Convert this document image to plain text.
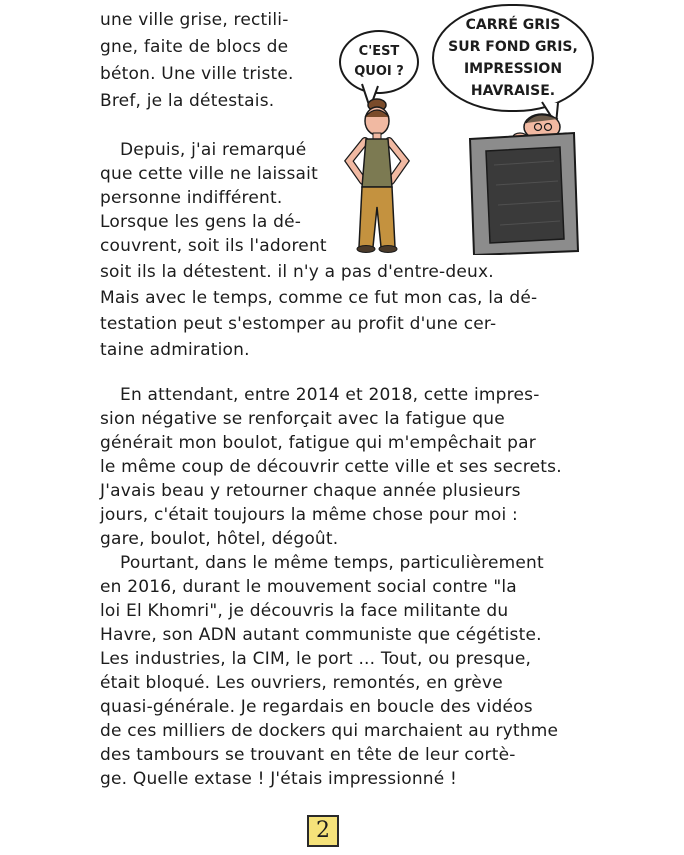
une ville grise, rectili-
gne, faite de blocs de
béton. Une ville triste.
Bref, je la détestais.
Depuis, j'ai remarqué
que cette ville ne laissait
personne indifférent.
Lorsque les gens la dé-
couvrent, soit ils l'adorent
soit ils la détestent. il n'y a pas d'entre-deux.
Mais avec le temps, comme ce fut mon cas, la dé-
testation peut s'estomper au profit d'une cer-
taine admiration.
En attendant, entre 2014 et 2018, cette impres-
sion négative se renforçait avec la fatigue que
générait mon boulot, fatigue qui m'empêchait par
le même coup de découvrir cette ville et ses secrets.
J'avais beau y retourner chaque année plusieurs
jours, c'était toujours la même chose pour moi :
gare, boulot, hôtel, dégoût.
Pourtant, dans le même temps, particulièrement
en 2016, durant le mouvement social contre "la
loi El Khomri", je découvris la face militante du
Havre, son ADN autant communiste que cégétiste.
Les industries, la CIM, le port ... Tout, ou presque,
était bloqué. Les ouvriers, remontés, en grève
quasi-générale. Je regardais en boucle des vidéos
de ces milliers de dockers qui marchaient au rythme
des tambours se trouvant en tête de leur cortè-
ge. Quelle extase ! J'étais impressionné !
C'EST
QUOI ?
CARRÉ GRIS
SUR FOND GRIS,
IMPRESSION
HAVRAISE.
2
